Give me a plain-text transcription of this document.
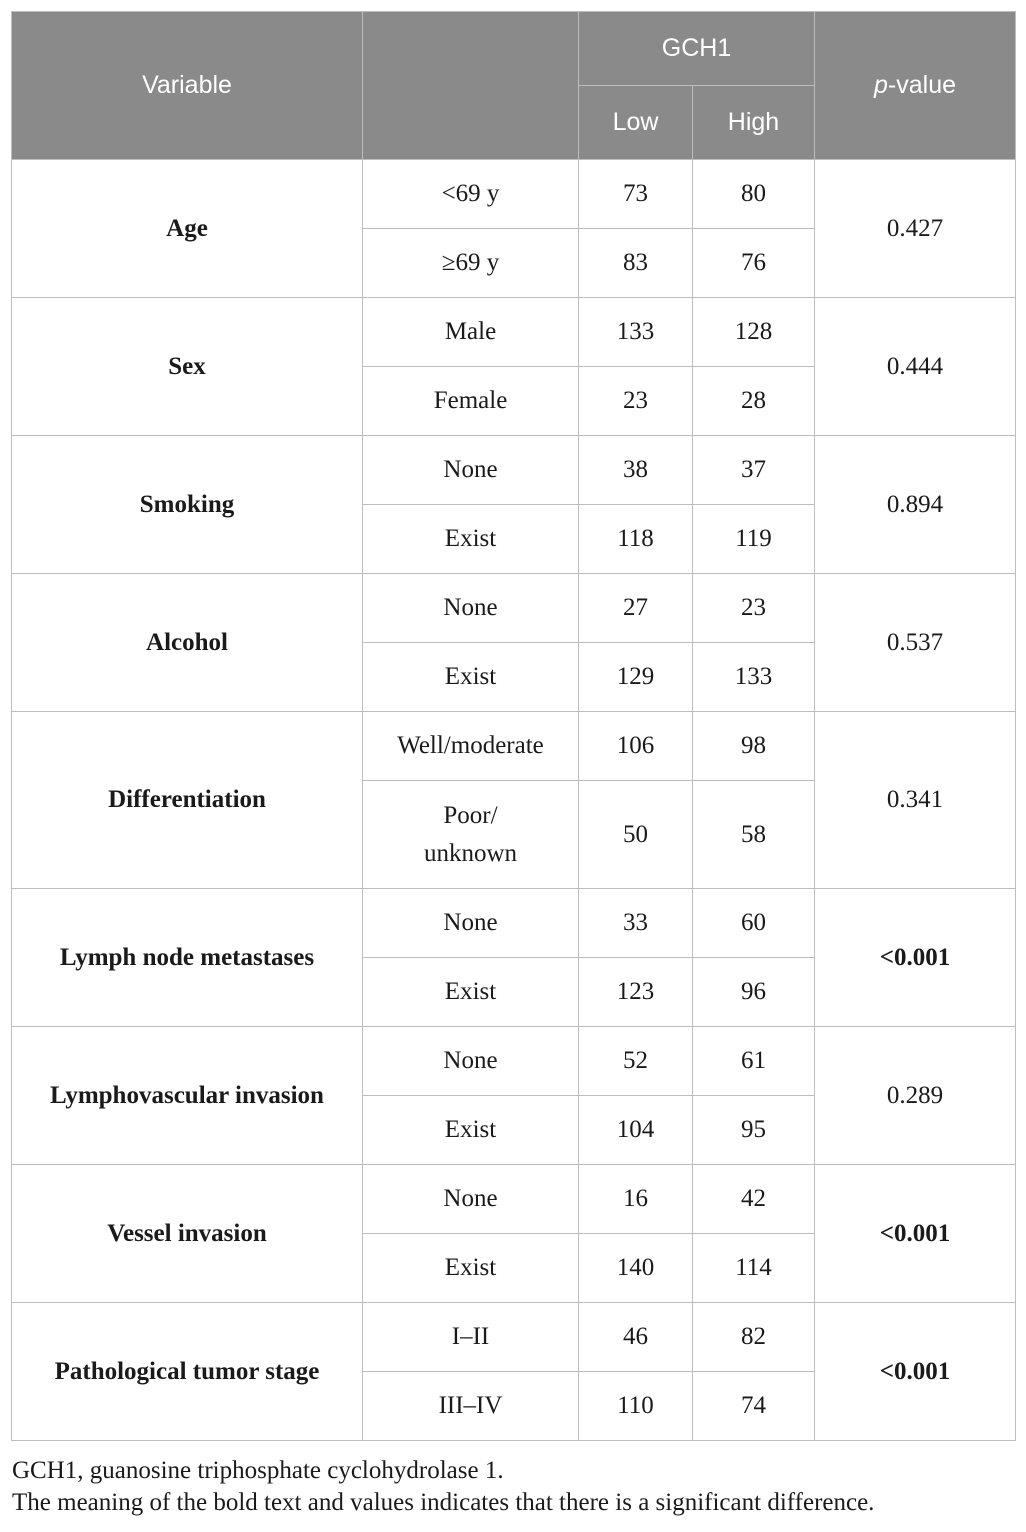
Variable		GCH1		p-value
		Low	High	
Age	<69 y	73	80	0.427
	≥69 y	83	76	
Sex	Male	133	128	0.444
	Female	23	28	
Smoking	None	38	37	0.894
	Exist	118	119	
Alcohol	None	27	23	0.537
	Exist	129	133	
Differentiation	Well/moderate	106	98	0.341
	Poor/ unknown	50	58	
Lymph node metastases	None	33	60	<0.001
	Exist	123	96	
Lymphovascular invasion	None	52	61	0.289
	Exist	104	95	
Vessel invasion	None	16	42	<0.001
	Exist	140	114	
Pathological tumor stage	I–II	46	82	<0.001
	III–IV	110	74	

GCH1, guanosine triphosphate cyclohydrolase 1.

The meaning of the bold text and values indicates that there is a significant difference.
